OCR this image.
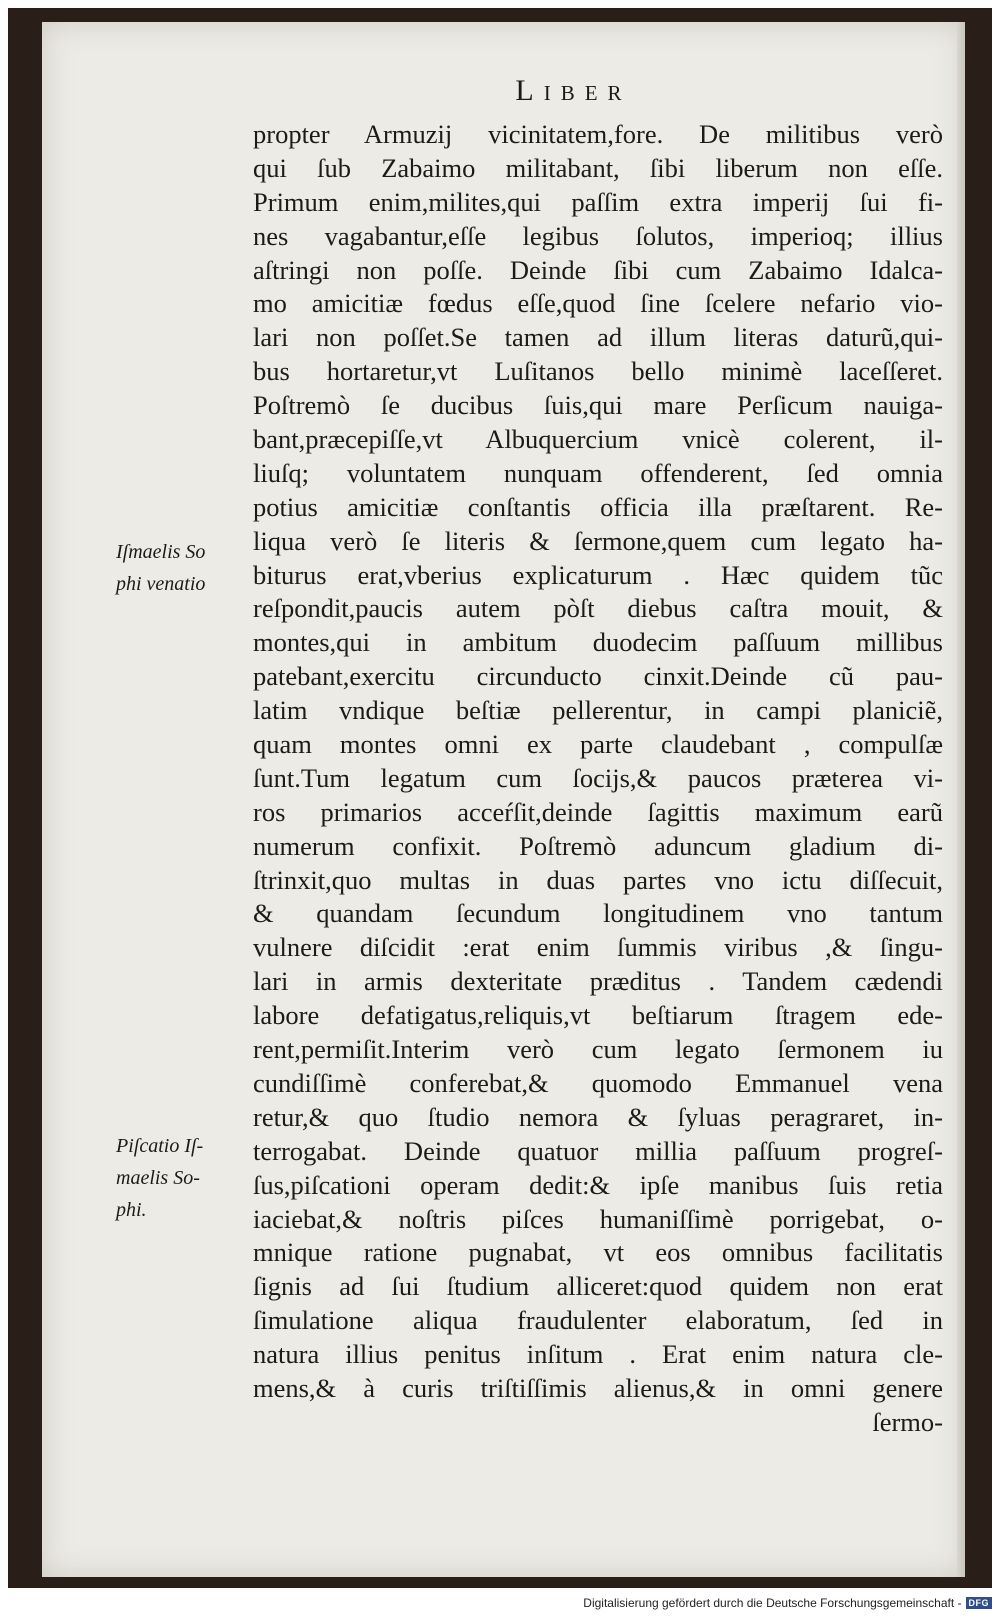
Liber
propter Armuzij vicinitatem,fore. De militibus verò
qui ſub Zabaimo militabant, ſibi liberum non eſſe.
Primum enim,milites,qui paſſim extra imperij ſui fi-
nes vagabantur,eſſe legibus ſolutos, imperioq; illius
aſtringi non poſſe. Deinde ſibi cum Zabaimo Idalca-
mo amicitiæ fœdus eſſe,quod ſine ſcelere nefario vio-
lari non poſſet.Se tamen ad illum literas daturũ,qui-
bus hortaretur,vt Luſitanos bello minimè laceſſeret.
Poſtremò ſe ducibus ſuis,qui mare Perſicum nauiga-
bant,præcepiſſe,vt Albuquercium vnicè colerent, il-
liuſq; voluntatem nunquam offenderent, ſed omnia
potius amicitiæ conſtantis officia illa præſtarent. Re-
liqua verò ſe literis & ſermone,quem cum legato ha-
biturus erat,vberius explicaturum . Hæc quidem tũc
reſpondit,paucis autem pòſt diebus caſtra mouit, &
montes,qui in ambitum duodecim paſſuum millibus
patebant,exercitu circunducto cinxit.Deinde cũ pau-
latim vndique beſtiæ pellerentur, in campi planiciẽ,
quam montes omni ex parte claudebant , compulſæ
ſunt.Tum legatum cum ſocijs,& paucos præterea vi-
ros primarios acceŕſit,deinde ſagittis maximum earũ
numerum confixit. Poſtremò aduncum gladium di-
ſtrinxit,quo multas in duas partes vno ictu diſſecuit,
& quandam ſecundum longitudinem vno tantum
vulnere diſcidit :erat enim ſummis viribus ,& ſingu-
lari in armis dexteritate præditus . Tandem cædendi
labore defatigatus,reliquis,vt beſtiarum ſtragem ede-
rent,permiſit.Interim verò cum legato ſermonem iu
cundiſſimè conferebat,& quomodo Emmanuel vena
retur,& quo ſtudio nemora & ſyluas peragraret, in-
terrogabat. Deinde quatuor millia paſſuum progreſ-
ſus,piſcationi operam dedit:& ipſe manibus ſuis retia
iaciebat,& noſtris piſces humaniſſimè porrigebat, o-
mnique ratione pugnabat, vt eos omnibus facilitatis
ſignis ad ſui ſtudium alliceret:quod quidem non erat
ſimulatione aliqua fraudulenter elaboratum, ſed in
natura illius penitus inſitum . Erat enim natura cle-
mens,& à curis triſtiſſimis alienus,& in omni genere
ſermo-
Iſmaelis So
phi venatio
Piſcatio Iſ-
maelis So-
phi.
Digitalisierung gefördert durch die Deutsche Forschungsgemeinschaft - DFG
